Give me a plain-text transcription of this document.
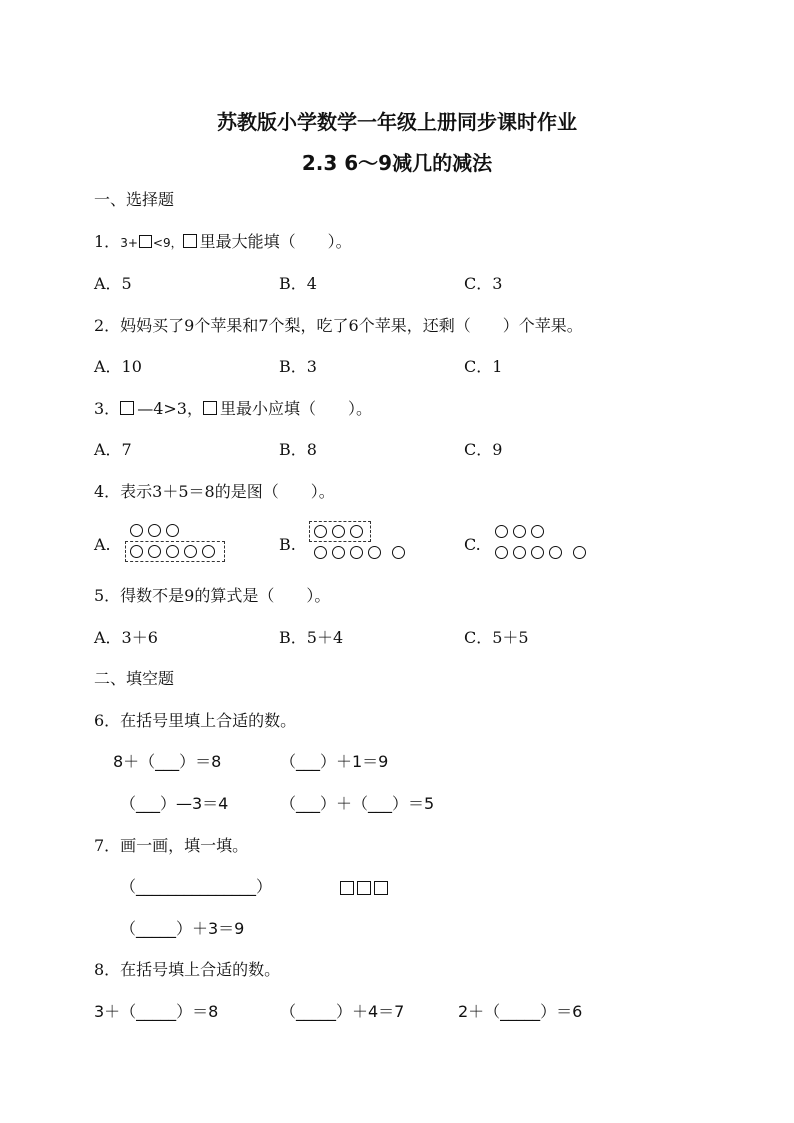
苏教版小学数学一年级上册同步课时作业
2.3 6～9减几的减法
一、选择题
1．3+ <9， 里最大能填（　　）。
A．5	B．4	C．3
2．妈妈买了9个苹果和7个梨，吃了6个苹果，还剩（　　）个苹果。
A．10	B．3	C．1
3． —4>3， 里最小应填（　　）。
A．7	B．8	C．9
4．表示3＋5＝8的是图（　　）。
A.	B.	C.
5．得数不是9的算式是（　　）。
A．3＋6	B．5＋4	C．5＋5
二、填空题
6．在括号里填上合适的数。
8＋（___）＝8	（___）＋1＝9
（___）—3＝4	（___）＋（___）＝5
7．画一画，填一填。
（_______________）
（_____）＋3＝9
8．在括号填上合适的数。
3＋（_____）＝8	（_____）＋4＝7	2＋（_____）＝6
